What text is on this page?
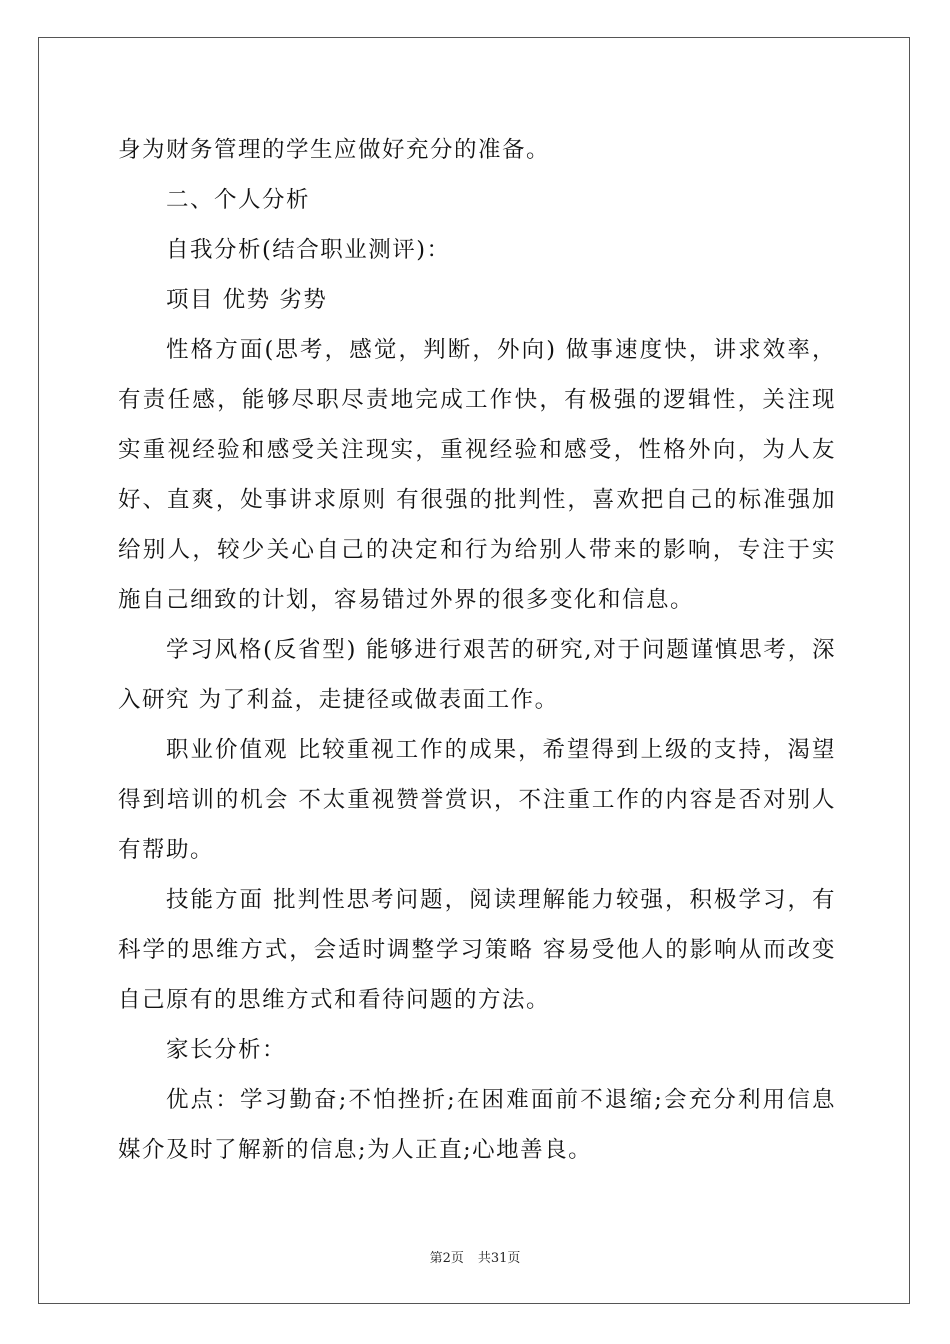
身为财务管理的学生应做好充分的准备。

二、个人分析

自我分析(结合职业测评)：

项目 优势 劣势

性格方面(思考，感觉，判断，外向) 做事速度快，讲求效率，有责任感，能够尽职尽责地完成工作快，有极强的逻辑性，关注现实重视经验和感受关注现实，重视经验和感受，性格外向，为人友好、直爽，处事讲求原则 有很强的批判性，喜欢把自己的标准强加给别人，较少关心自己的决定和行为给别人带来的影响，专注于实施自己细致的计划，容易错过外界的很多变化和信息。

学习风格(反省型) 能够进行艰苦的研究,对于问题谨慎思考，深入研究 为了利益，走捷径或做表面工作。

职业价值观 比较重视工作的成果，希望得到上级的支持，渴望得到培训的机会 不太重视赞誉赏识，不注重工作的内容是否对别人有帮助。

技能方面 批判性思考问题，阅读理解能力较强，积极学习，有科学的思维方式，会适时调整学习策略 容易受他人的影响从而改变自己原有的思维方式和看待问题的方法。

家长分析：

优点：学习勤奋;不怕挫折;在困难面前不退缩;会充分利用信息媒介及时了解新的信息;为人正直;心地善良。

第2页 共31页
